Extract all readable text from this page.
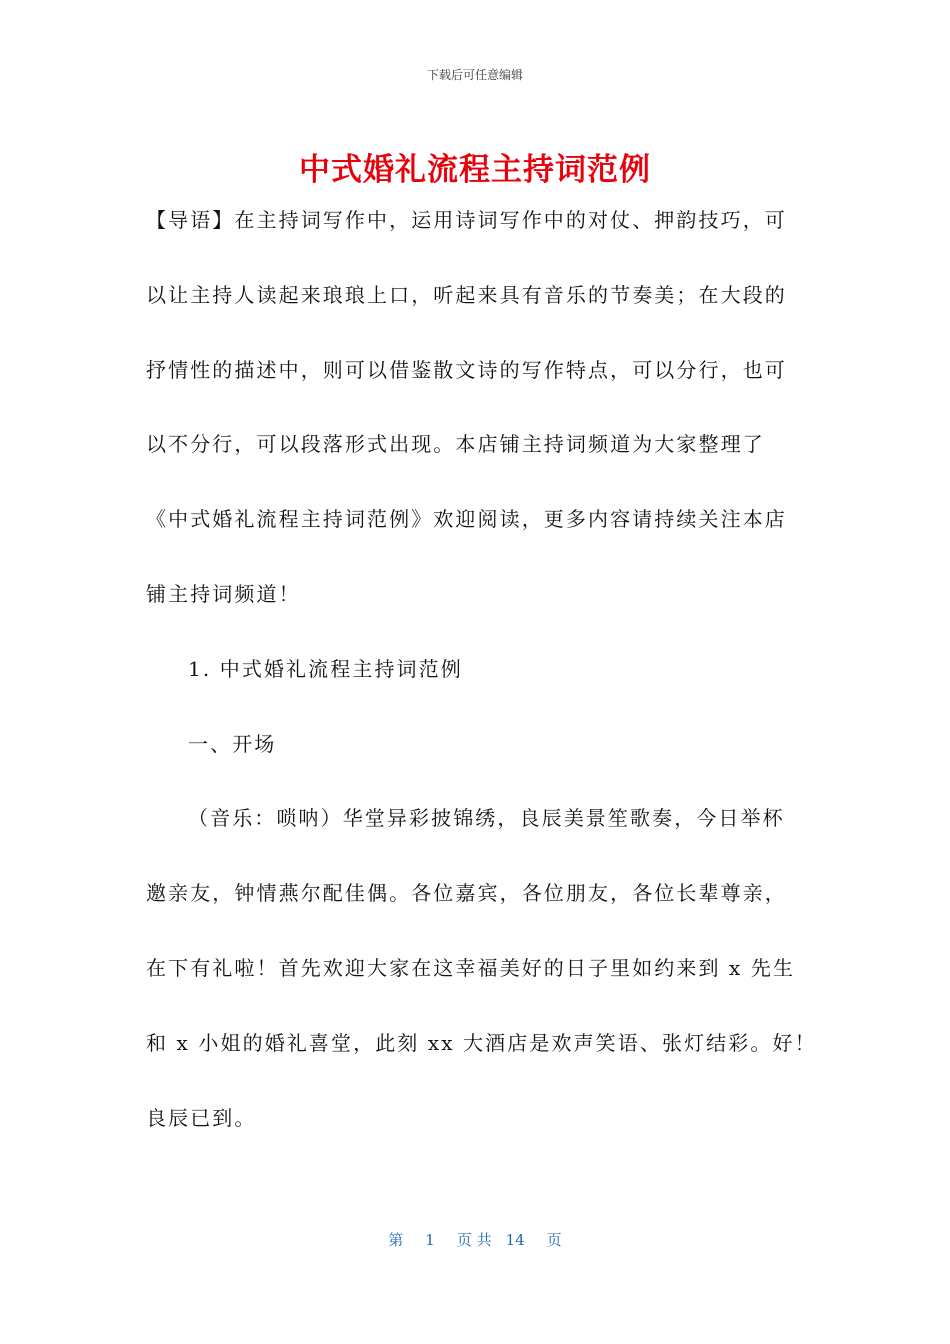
下载后可任意编辑
中式婚礼流程主持词范例
【导语】在主持词写作中，运用诗词写作中的对仗、押韵技巧，可
以让主持人读起来琅琅上口，听起来具有音乐的节奏美；在大段的
抒情性的描述中，则可以借鉴散文诗的写作特点，可以分行，也可
以不分行，可以段落形式出现。本店铺主持词频道为大家整理了
《中式婚礼流程主持词范例》欢迎阅读，更多内容请持续关注本店
铺主持词频道！
1. 中式婚礼流程主持词范例
一、开场
（音乐：唢呐）华堂异彩披锦绣，良辰美景笙歌奏，今日举杯
邀亲友，钟情燕尔配佳偶。各位嘉宾，各位朋友，各位长辈尊亲，
在下有礼啦！首先欢迎大家在这幸福美好的日子里如约来到 x 先生
和 x 小姐的婚礼喜堂，此刻 xx 大酒店是欢声笑语、张灯结彩。好！
良辰已到。
第 1 页 共 14 页
